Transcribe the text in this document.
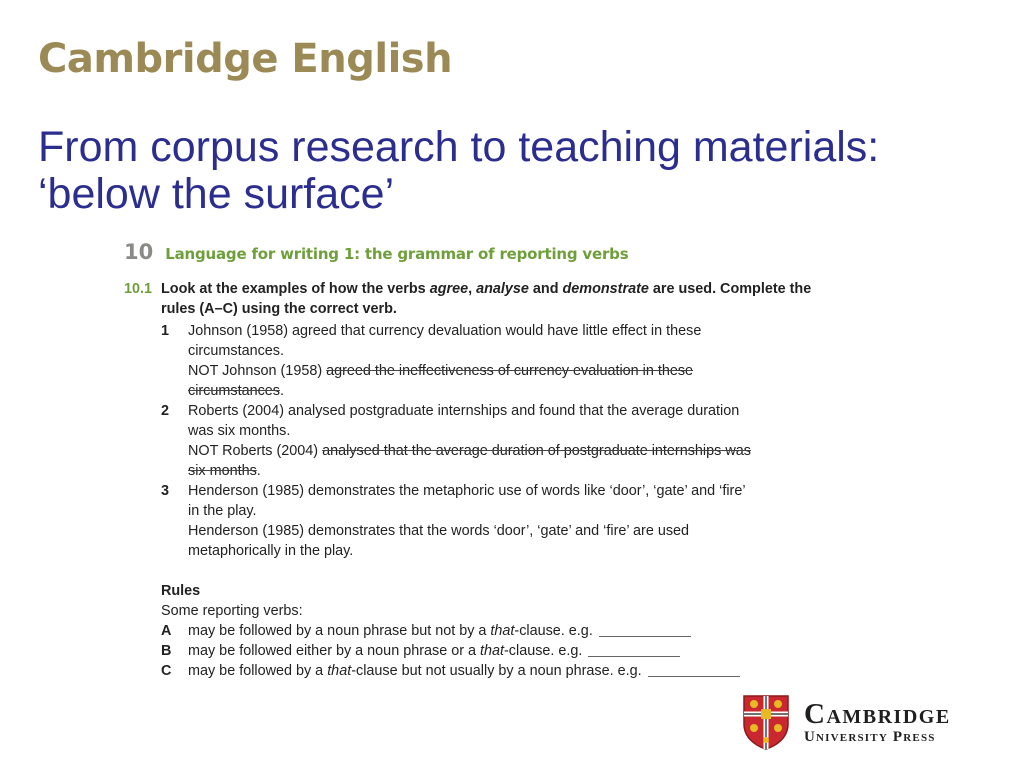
Cambridge English
From corpus research to teaching materials:
‘below the surface’
10 Language for writing 1: the grammar of reporting verbs
10.1 Look at the examples of how the verbs agree, analyse and demonstrate are used. Complete the
rules (A–C) using the correct verb.
1 Johnson (1958) agreed that currency devaluation would have little effect in these
circumstances.
NOT Johnson (1958) agreed the ineffectiveness of currency evaluation in these
circumstances.
2 Roberts (2004) analysed postgraduate internships and found that the average duration
was six months.
NOT Roberts (2004) analysed that the average duration of postgraduate internships was
six months.
3 Henderson (1985) demonstrates the metaphoric use of words like ‘door’, ‘gate’ and ‘fire’
in the play.
Henderson (1985) demonstrates that the words ‘door’, ‘gate’ and ‘fire’ are used
metaphorically in the play.
Rules
Some reporting verbs:
A may be followed by a noun phrase but not by a that-clause. e.g.
B may be followed either by a noun phrase or a that-clause. e.g.
C may be followed by a that-clause but not usually by a noun phrase. e.g.
Cambridge
University Press
